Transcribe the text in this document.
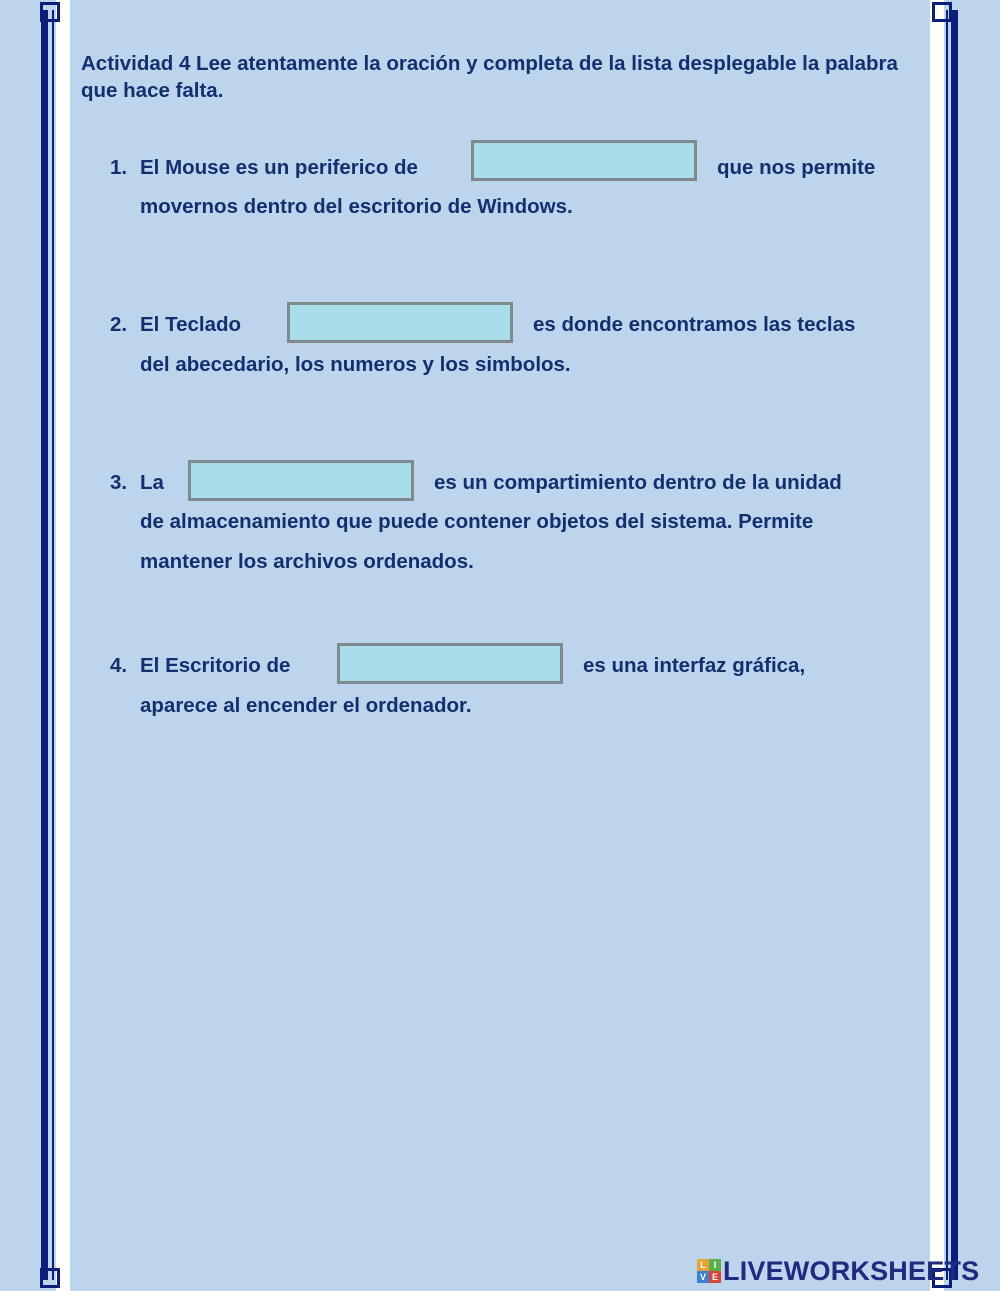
Actividad 4 Lee atentamente la oración y completa de la lista desplegable la palabra que hace falta.
1. El Mouse es un periferico de	que nos permite
movernos dentro del escritorio de Windows.
2. El Teclado	es donde encontramos las teclas
del abecedario, los numeros y los simbolos.
3. La	es un compartimiento dentro de la unidad
de almacenamiento que puede contener objetos del sistema. Permite
mantener los archivos ordenados.
4. El Escritorio de	es una interfaz gráfica,
aparece al encender el ordenador.
L I
V E LIVEWORKSHEETS
